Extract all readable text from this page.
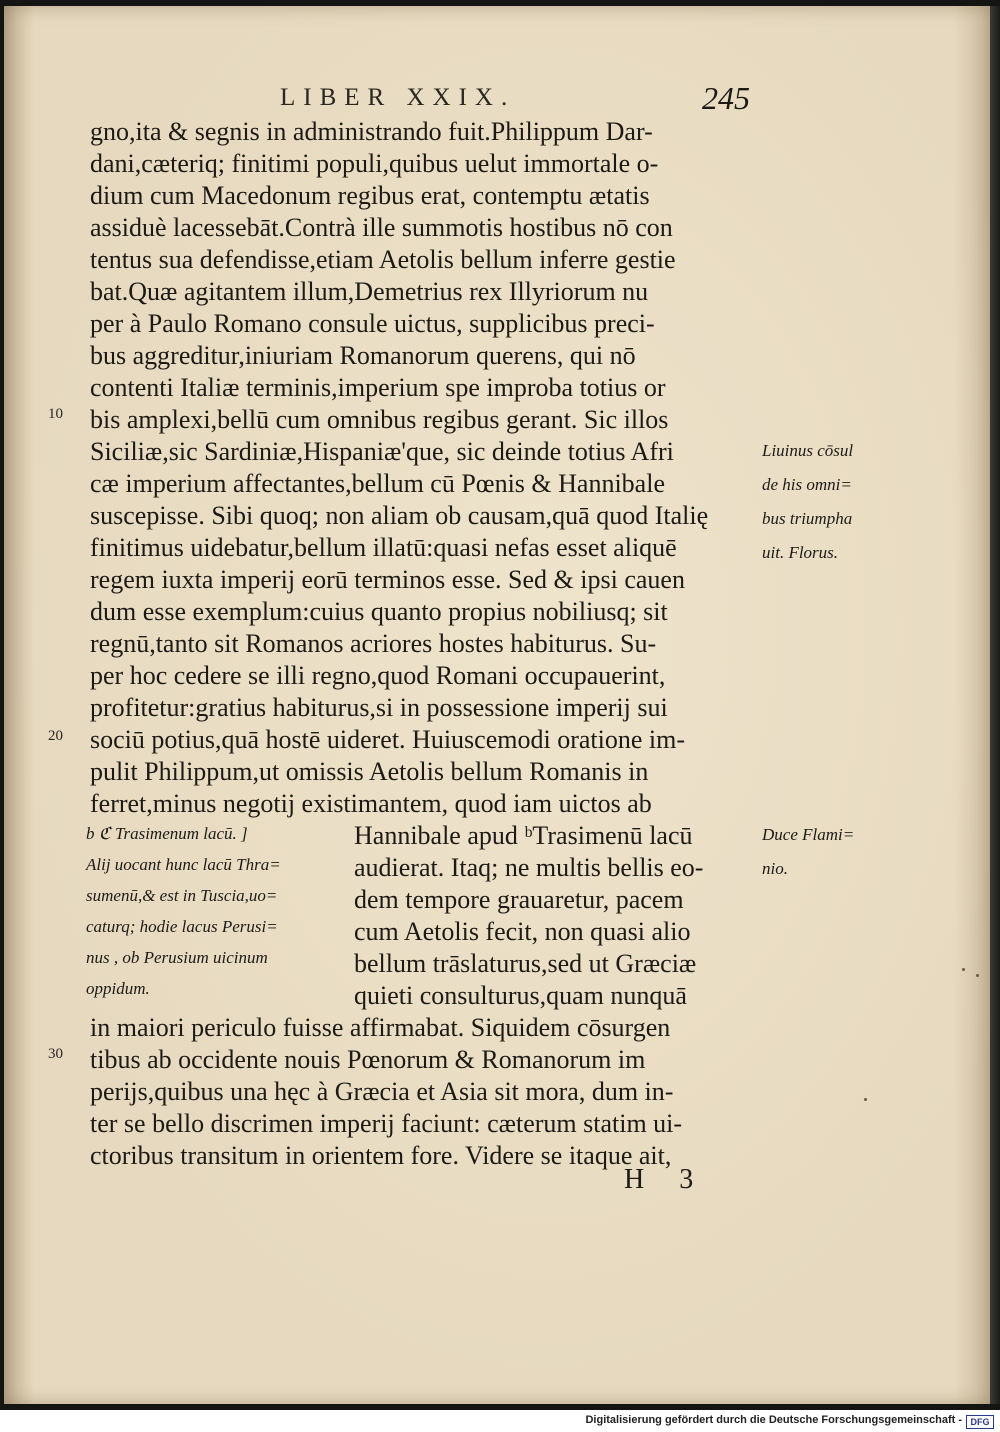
LIBER XXIX.	245
gno,ita & segnis in administrando fuit.Philippum Dar-
dani,cæteriq; finitimi populi,quibus uelut immortale o-
dium cum Macedonum regibus erat, contemptu ætatis
assiduè lacessebāt.Contrà ille summotis hostibus nō con
tentus sua defendisse,etiam Aetolis bellum inferre gestie
bat.Quæ agitantem illum,Demetrius rex Illyriorum nu
per à Paulo Romano consule uictus, supplicibus preci-
bus aggreditur,iniuriam Romanorum querens, qui nō
contenti Italiæ terminis,imperium spe improba totius or
bis amplexi,bellū cum omnibus regibus gerant. Sic illos
Siciliæ,sic Sardiniæ,Hispaniæ'que, sic deinde totius Afri
cæ imperium affectantes,bellum cū Pœnis & Hannibale
suscepisse. Sibi quoq; non aliam ob causam,quā quod Italię
finitimus uidebatur,bellum illatū:quasi nefas esset aliquē
regem iuxta imperij eorū terminos esse. Sed & ipsi cauen
dum esse exemplum:cuius quanto propius nobiliusq; sit
regnū,tanto sit Romanos acriores hostes habiturus. Su-
per hoc cedere se illi regno,quod Romani occupauerint,
profitetur:gratius habiturus,si in possessione imperij sui
sociū potius,quā hostē uideret. Huiuscemodi oratione im-
pulit Philippum,ut omissis Aetolis bellum Romanis in
ferret,minus negotij existimantem, quod iam uictos ab
Hannibale apud ᵇTrasimenū lacū
audierat. Itaq; ne multis bellis eo-
dem tempore grauaretur, pacem
cum Aetolis fecit, non quasi alio
bellum trāslaturus,sed ut Græciæ
quieti consulturus,quam nunquā
in maiori periculo fuisse affirmabat. Siquidem cōsurgen
tibus ab occidente nouis Pœnorum & Romanorum im
perijs,quibus una hęc à Græcia et Asia sit mora, dum in-
ter se bello discrimen imperij faciunt: cæterum statim ui-
ctoribus transitum in orientem fore. Videre se itaque ait,
10
20
30
b ℭ Trasimenum lacū. ]
Alij uocant hunc lacū Thra=
sumenū,& est in Tuscia,uo=
caturq; hodie lacus Perusi=
nus , ob Perusium uicinum
oppidum.
Liuinus cōsul
de his omni=
bus triumpha
uit. Florus.
Duce Flami=
nio.
H 3
Digitalisierung gefördert durch die Deutsche Forschungsgemeinschaft - DFG
